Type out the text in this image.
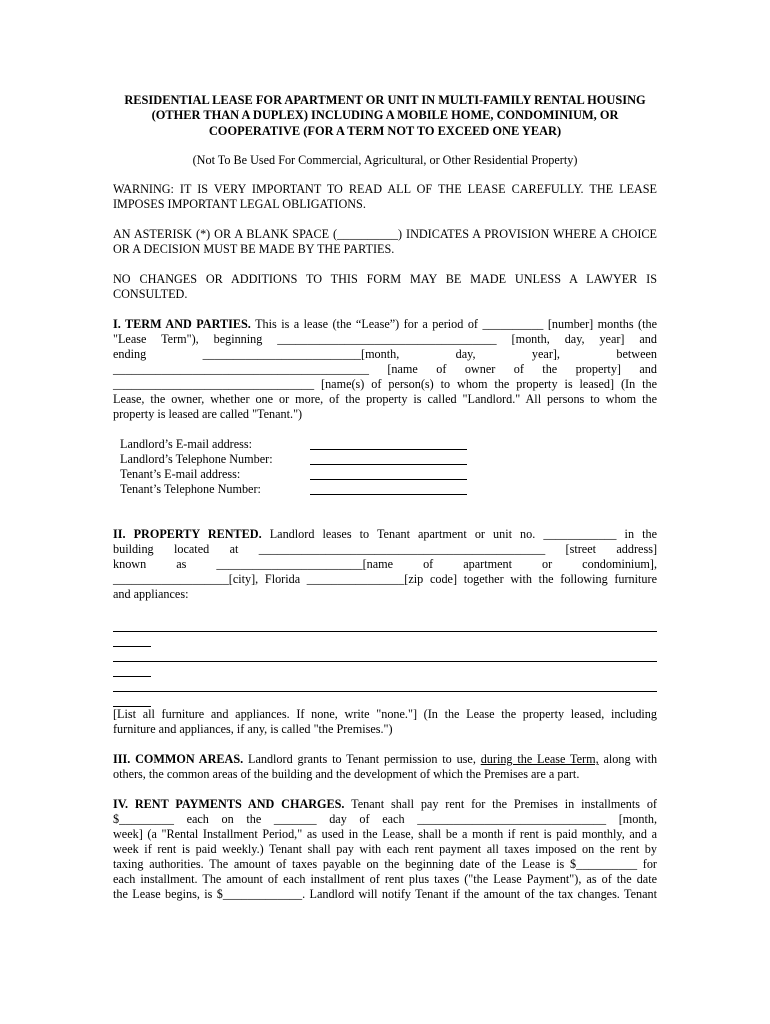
RESIDENTIAL LEASE FOR APARTMENT OR UNIT IN MULTI-FAMILY RENTAL HOUSING (OTHER THAN A DUPLEX) INCLUDING A MOBILE HOME, CONDOMINIUM, OR COOPERATIVE (FOR A TERM NOT TO EXCEED ONE YEAR)

(Not To Be Used For Commercial, Agricultural, or Other Residential Property)

WARNING: IT IS VERY IMPORTANT TO READ ALL OF THE LEASE CAREFULLY. THE LEASE IMPOSES IMPORTANT LEGAL OBLIGATIONS.

AN ASTERISK (*) OR A BLANK SPACE (__________) INDICATES A PROVISION WHERE A CHOICE OR A DECISION MUST BE MADE BY THE PARTIES.

NO CHANGES OR ADDITIONS TO THIS FORM MAY BE MADE UNLESS A LAWYER IS CONSULTED.

I. TERM AND PARTIES. This is a lease (the “Lease”) for a period of __________ [number] months (the

"Lease Term"), beginning ____________________________________ [month, day, year] and

ending __________________________[month, day, year], between

__________________________________________ [name of owner of the property] and

_________________________________ [name(s) of person(s) to whom the property is leased] (In the

Lease, the owner, whether one or more, of the property is called "Landlord." All persons to whom the

property is leased are called "Tenant.")

Landlord’s E-mail address:
Landlord’s Telephone Number:
Tenant’s E-mail address:
Tenant’s Telephone Number:

II. PROPERTY RENTED. Landlord leases to Tenant apartment or unit no. ____________ in the

building located at _______________________________________________ [street address]

known as ________________________[name of apartment or condominium],

___________________[city], Florida ________________[zip code] together with the following furniture

and appliances:

[List all furniture and appliances. If none, write "none."] (In the Lease the property leased, including

furniture and appliances, if any, is called "the Premises.")

III. COMMON AREAS. Landlord grants to Tenant permission to use, during the Lease Term, along with

others, the common areas of the building and the development of which the Premises are a part.

IV. RENT PAYMENTS AND CHARGES. Tenant shall pay rent for the Premises in installments of

$_________ each on the _______ day of each _______________________________ [month,

week] (a "Rental Installment Period," as used in the Lease, shall be a month if rent is paid monthly, and a

week if rent is paid weekly.) Tenant shall pay with each rent payment all taxes imposed on the rent by

taxing authorities. The amount of taxes payable on the beginning date of the Lease is $__________ for

each installment. The amount of each installment of rent plus taxes ("the Lease Payment"), as of the date

the Lease begins, is $_____________. Landlord will notify Tenant if the amount of the tax changes. Tenant
